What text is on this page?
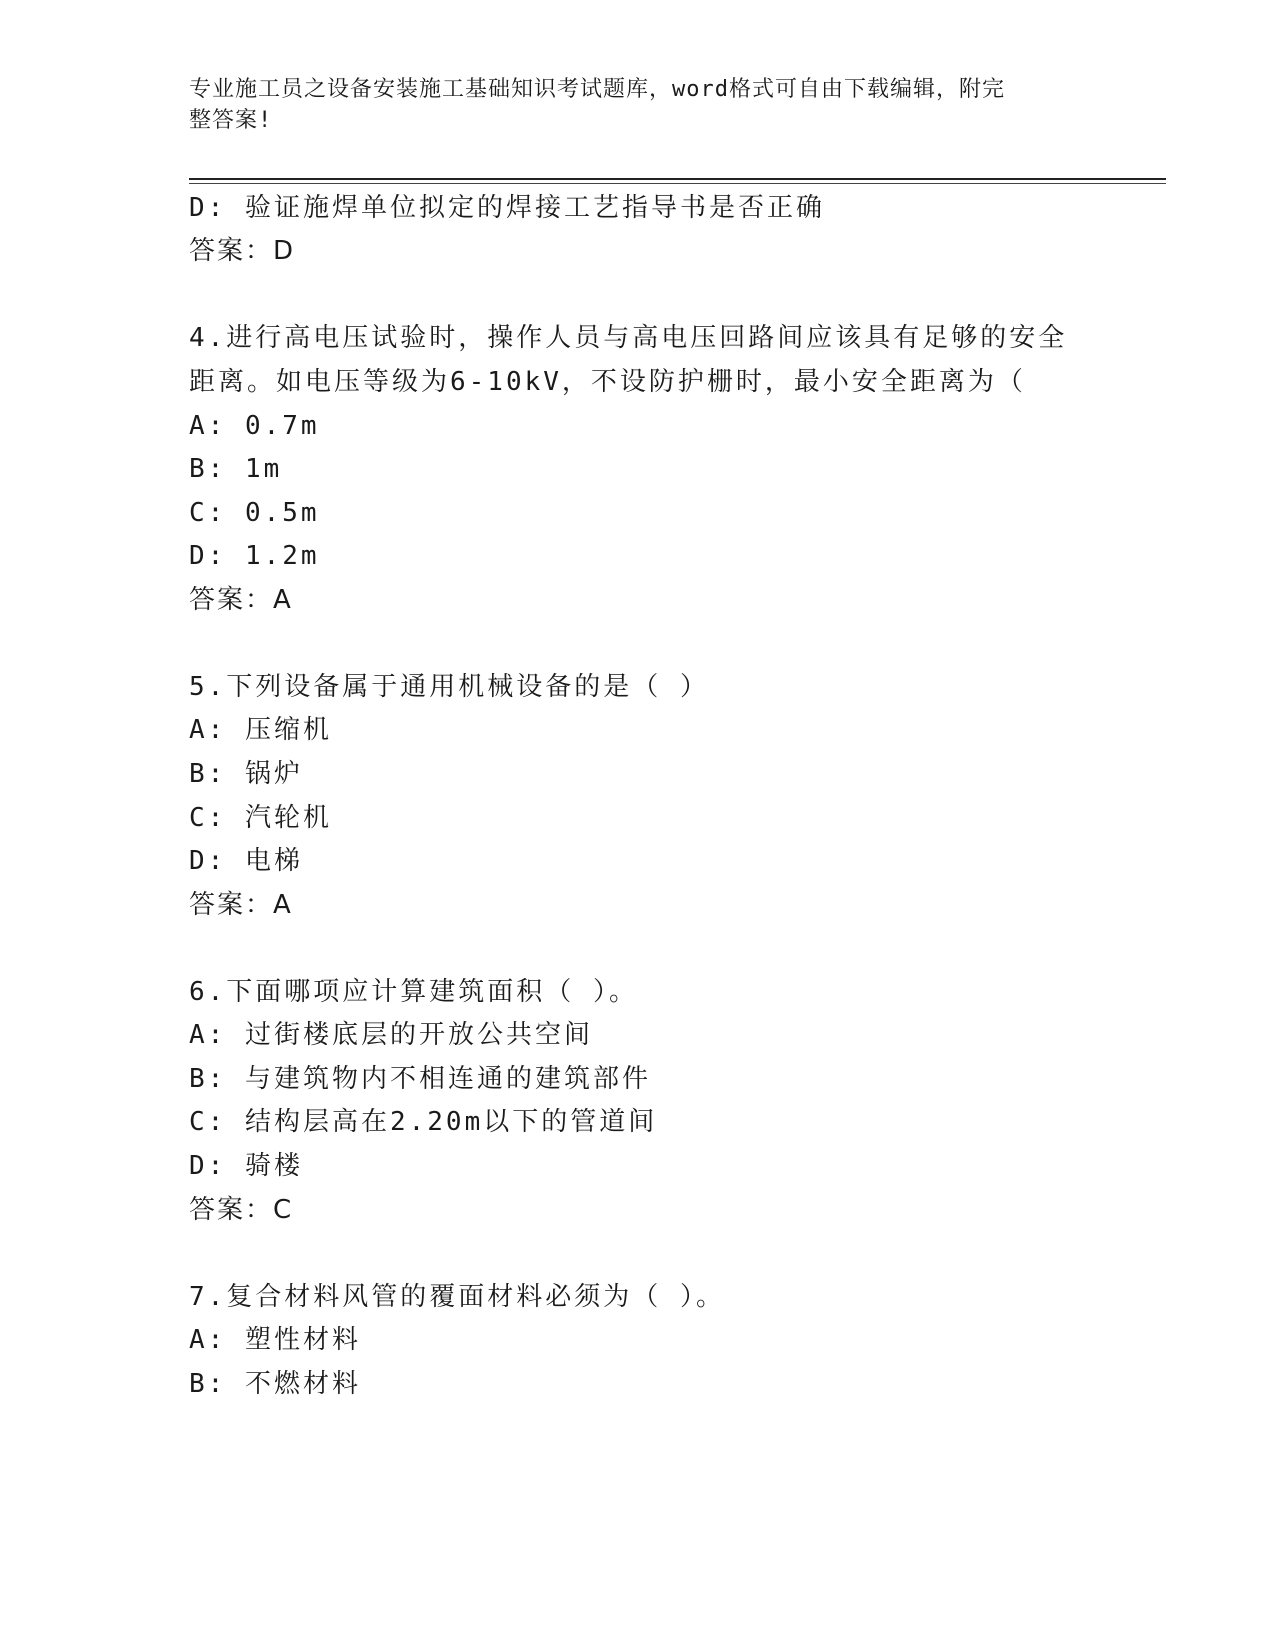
专业施工员之设备安装施工基础知识考试题库，word格式可自由下载编辑，附完
整答案!
D: 验证施焊单位拟定的焊接工艺指导书是否正确
答案：D
4.进行高电压试验时，操作人员与高电压回路间应该具有足够的安全
距离。如电压等级为6-10kV，不设防护栅时，最小安全距离为（
A: 0.7m
B: 1m
C: 0.5m
D: 1.2m
答案：A
5.下列设备属于通用机械设备的是（ ）
A: 压缩机
B: 锅炉
C: 汽轮机
D: 电梯
答案：A
6.下面哪项应计算建筑面积（ ）。
A: 过街楼底层的开放公共空间
B: 与建筑物内不相连通的建筑部件
C: 结构层高在2.20m以下的管道间
D: 骑楼
答案：C
7.复合材料风管的覆面材料必须为（ ）。
A: 塑性材料
B: 不燃材料
